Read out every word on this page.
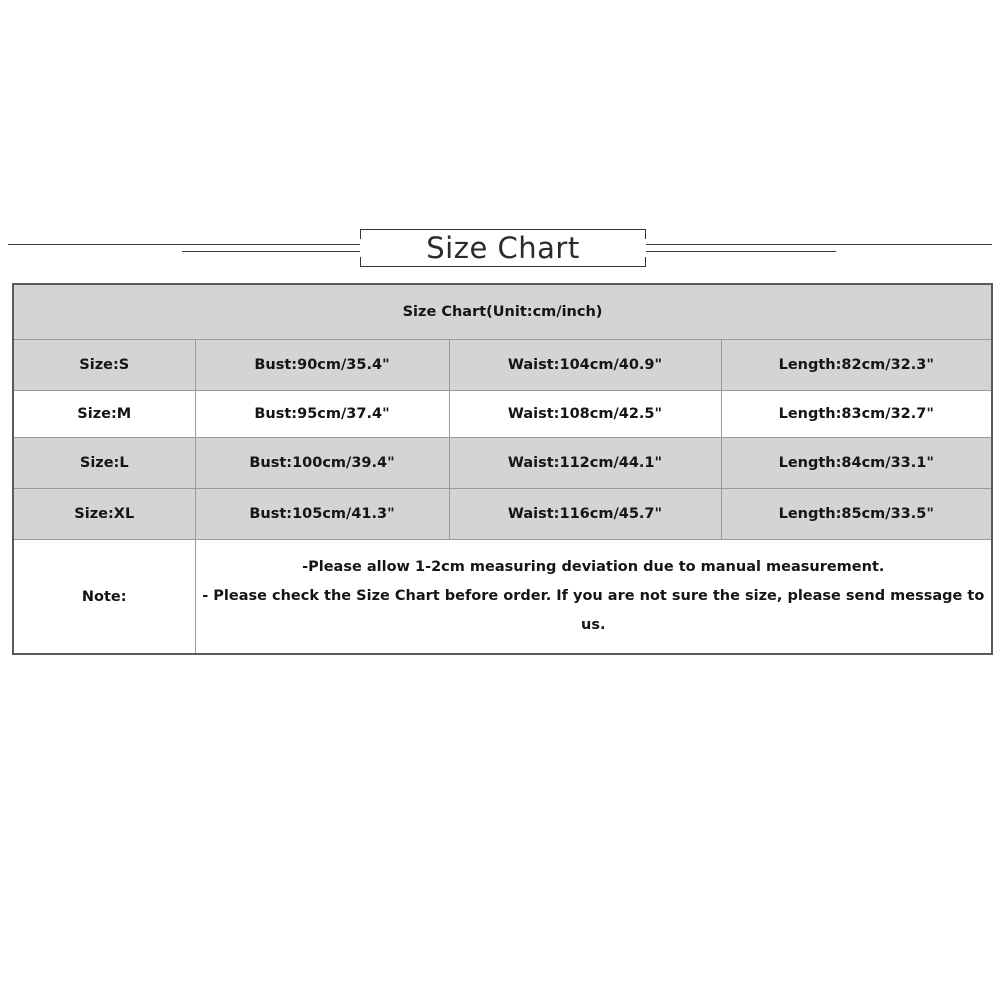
Size Chart
Size Chart(Unit:cm/inch)			
Size:S	Bust:90cm/35.4"	Waist:104cm/40.9"	Length:82cm/32.3"
Size:M	Bust:95cm/37.4"	Waist:108cm/42.5"	Length:83cm/32.7"
Size:L	Bust:100cm/39.4"	Waist:112cm/44.1"	Length:84cm/33.1"
Size:XL	Bust:105cm/41.3"	Waist:116cm/45.7"	Length:85cm/33.5"
Note:	-Please allow 1-2cm measuring deviation due to manual measurement.
- Please check the Size Chart before order. If you are not sure the size, please send message to us.		
